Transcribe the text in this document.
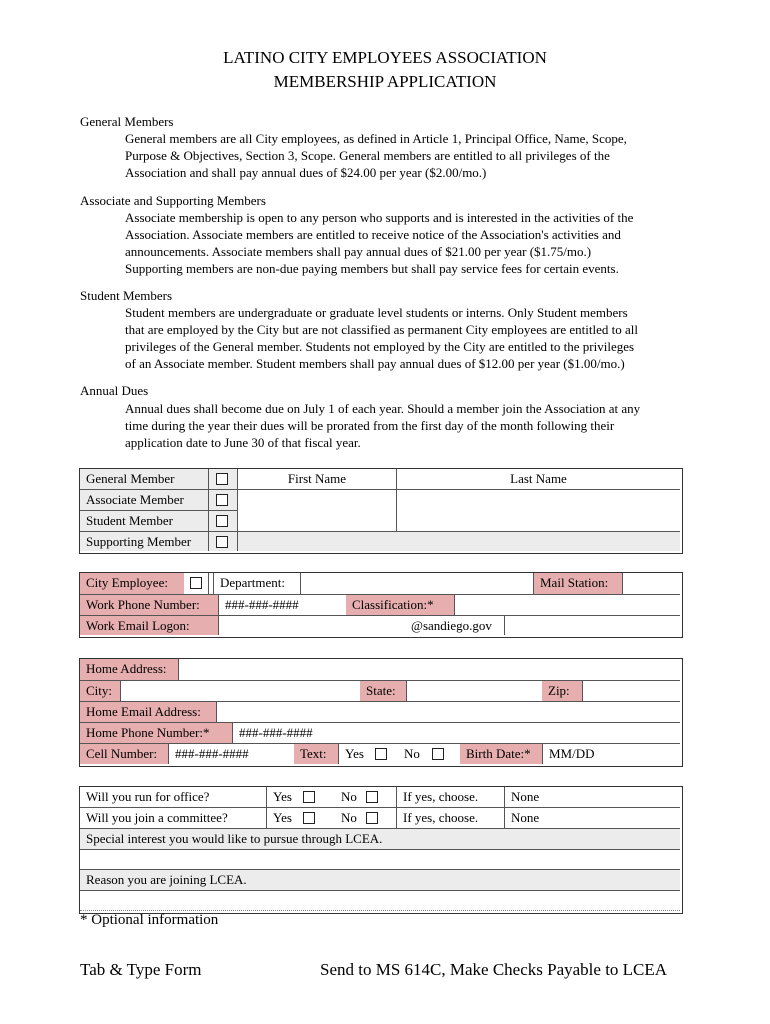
LATINO CITY EMPLOYEES ASSOCIATION
MEMBERSHIP APPLICATION
General Members
General members are all City employees, as defined in Article 1, Principal Office, Name, Scope,
Purpose & Objectives, Section 3, Scope. General members are entitled to all privileges of the
Association and shall pay annual dues of $24.00 per year ($2.00/mo.)
Associate and Supporting Members
Associate membership is open to any person who supports and is interested in the activities of the
Association. Associate members are entitled to receive notice of the Association's activities and
announcements. Associate members shall pay annual dues of $21.00 per year ($1.75/mo.)
Supporting members are non-due paying members but shall pay service fees for certain events.
Student Members
Student members are undergraduate or graduate level students or interns. Only Student members
that are employed by the City but are not classified as permanent City employees are entitled to all
privileges of the General member. Students not employed by the City are entitled to the privileges
of an Associate member. Student members shall pay annual dues of $12.00 per year ($1.00/mo.)
Annual Dues
Annual dues shall become due on July 1 of each year. Should a member join the Association at any
time during the year their dues will be prorated from the first day of the month following their
application date to June 30 of that fiscal year.
General Member
Associate Member
Student Member
Supporting Member
First Name	Last Name
City Employee:	Department:	Mail Station:
Work Phone Number:	###-###-####	Classification:*
Work Email Logon:	@sandiego.gov
Home Address:
City:	State:	Zip:
Home Email Address:
Home Phone Number:*	###-###-####
Cell Number:	###-###-####	Text:	Yes	No	Birth Date:*	MM/DD
Will you run for office?	Yes	No	If yes, choose.	None
Will you join a committee?	Yes	No	If yes, choose.	None
Special interest you would like to pursue through LCEA.
Reason you are joining LCEA.
* Optional information
Tab & Type Form	Send to MS 614C, Make Checks Payable to LCEA
